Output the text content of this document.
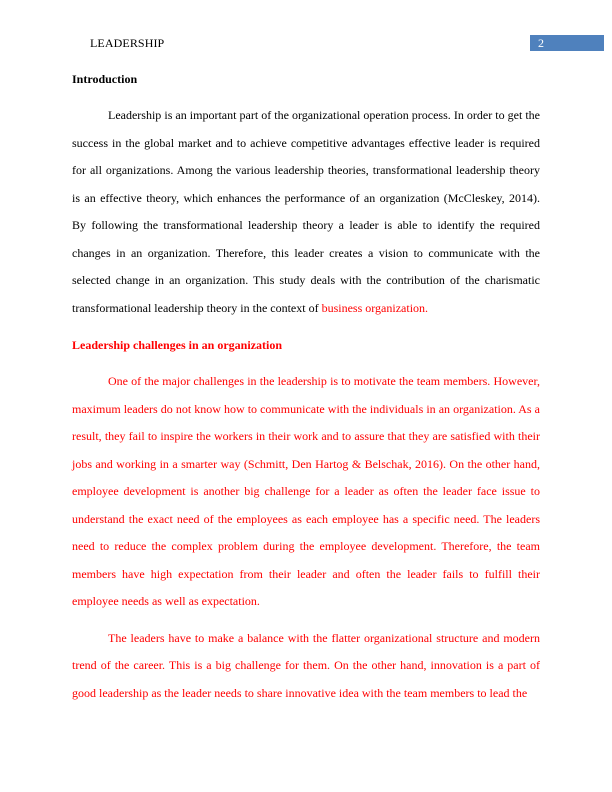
LEADERSHIP	2
Introduction

Leadership is an important part of the organizational operation process. In order to get the success in the global market and to achieve competitive advantages effective leader is required for all organizations. Among the various leadership theories, transformational leadership theory is an effective theory, which enhances the performance of an organization (McCleskey, 2014). By following the transformational leadership theory a leader is able to identify the required changes in an organization. Therefore, this leader creates a vision to communicate with the selected change in an organization. This study deals with the contribution of the charismatic transformational leadership theory in the context of business organization.

Leadership challenges in an organization

One of the major challenges in the leadership is to motivate the team members. However, maximum leaders do not know how to communicate with the individuals in an organization. As a result, they fail to inspire the workers in their work and to assure that they are satisfied with their jobs and working in a smarter way (Schmitt, Den Hartog & Belschak, 2016). On the other hand, employee development is another big challenge for a leader as often the leader face issue to understand the exact need of the employees as each employee has a specific need. The leaders need to reduce the complex problem during the employee development. Therefore, the team members have high expectation from their leader and often the leader fails to fulfill their employee needs as well as expectation.

The leaders have to make a balance with the flatter organizational structure and modern trend of the career. This is a big challenge for them. On the other hand, innovation is a part of good leadership as the leader needs to share innovative idea with the team members to lead the
